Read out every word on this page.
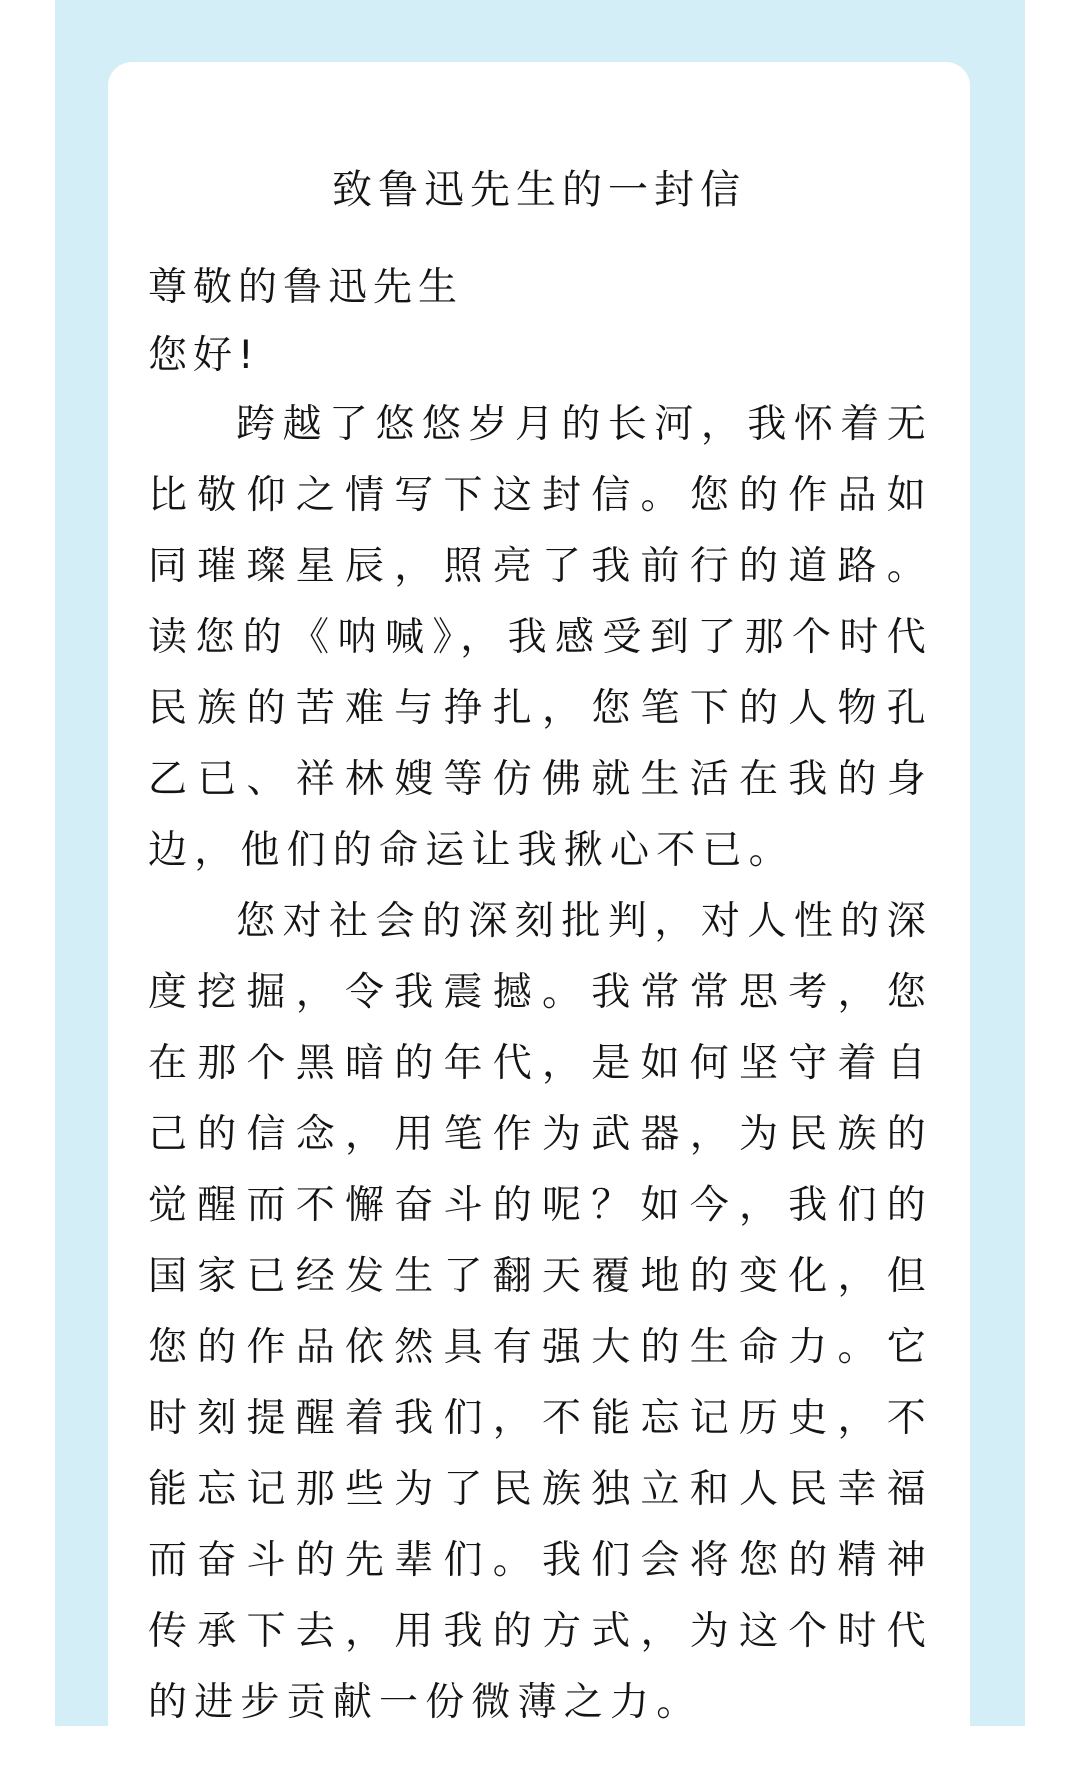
致鲁迅先生的一封信
尊敬的鲁迅先生
您好!

跨越了悠悠岁月的长河，我怀着无比敬仰之情写下这封信。您的作品如同璀璨星辰，照亮了我前行的道路。读您的《呐喊》，我感受到了那个时代民族的苦难与挣扎，您笔下的人物孔乙已、祥林嫂等仿佛就生活在我的身边，他们的命运让我揪心不已。

您对社会的深刻批判，对人性的深度挖掘，令我震撼。我常常思考，您在那个黑暗的年代，是如何坚守着自己的信念，用笔作为武器，为民族的觉醒而不懈奋斗的呢？如今，我们的国家已经发生了翻天覆地的变化，但您的作品依然具有强大的生命力。它时刻提醒着我们，不能忘记历史，不能忘记那些为了民族独立和人民幸福而奋斗的先辈们。我们会将您的精神传承下去，用我的方式，为这个时代的进步贡献一份微薄之力。
